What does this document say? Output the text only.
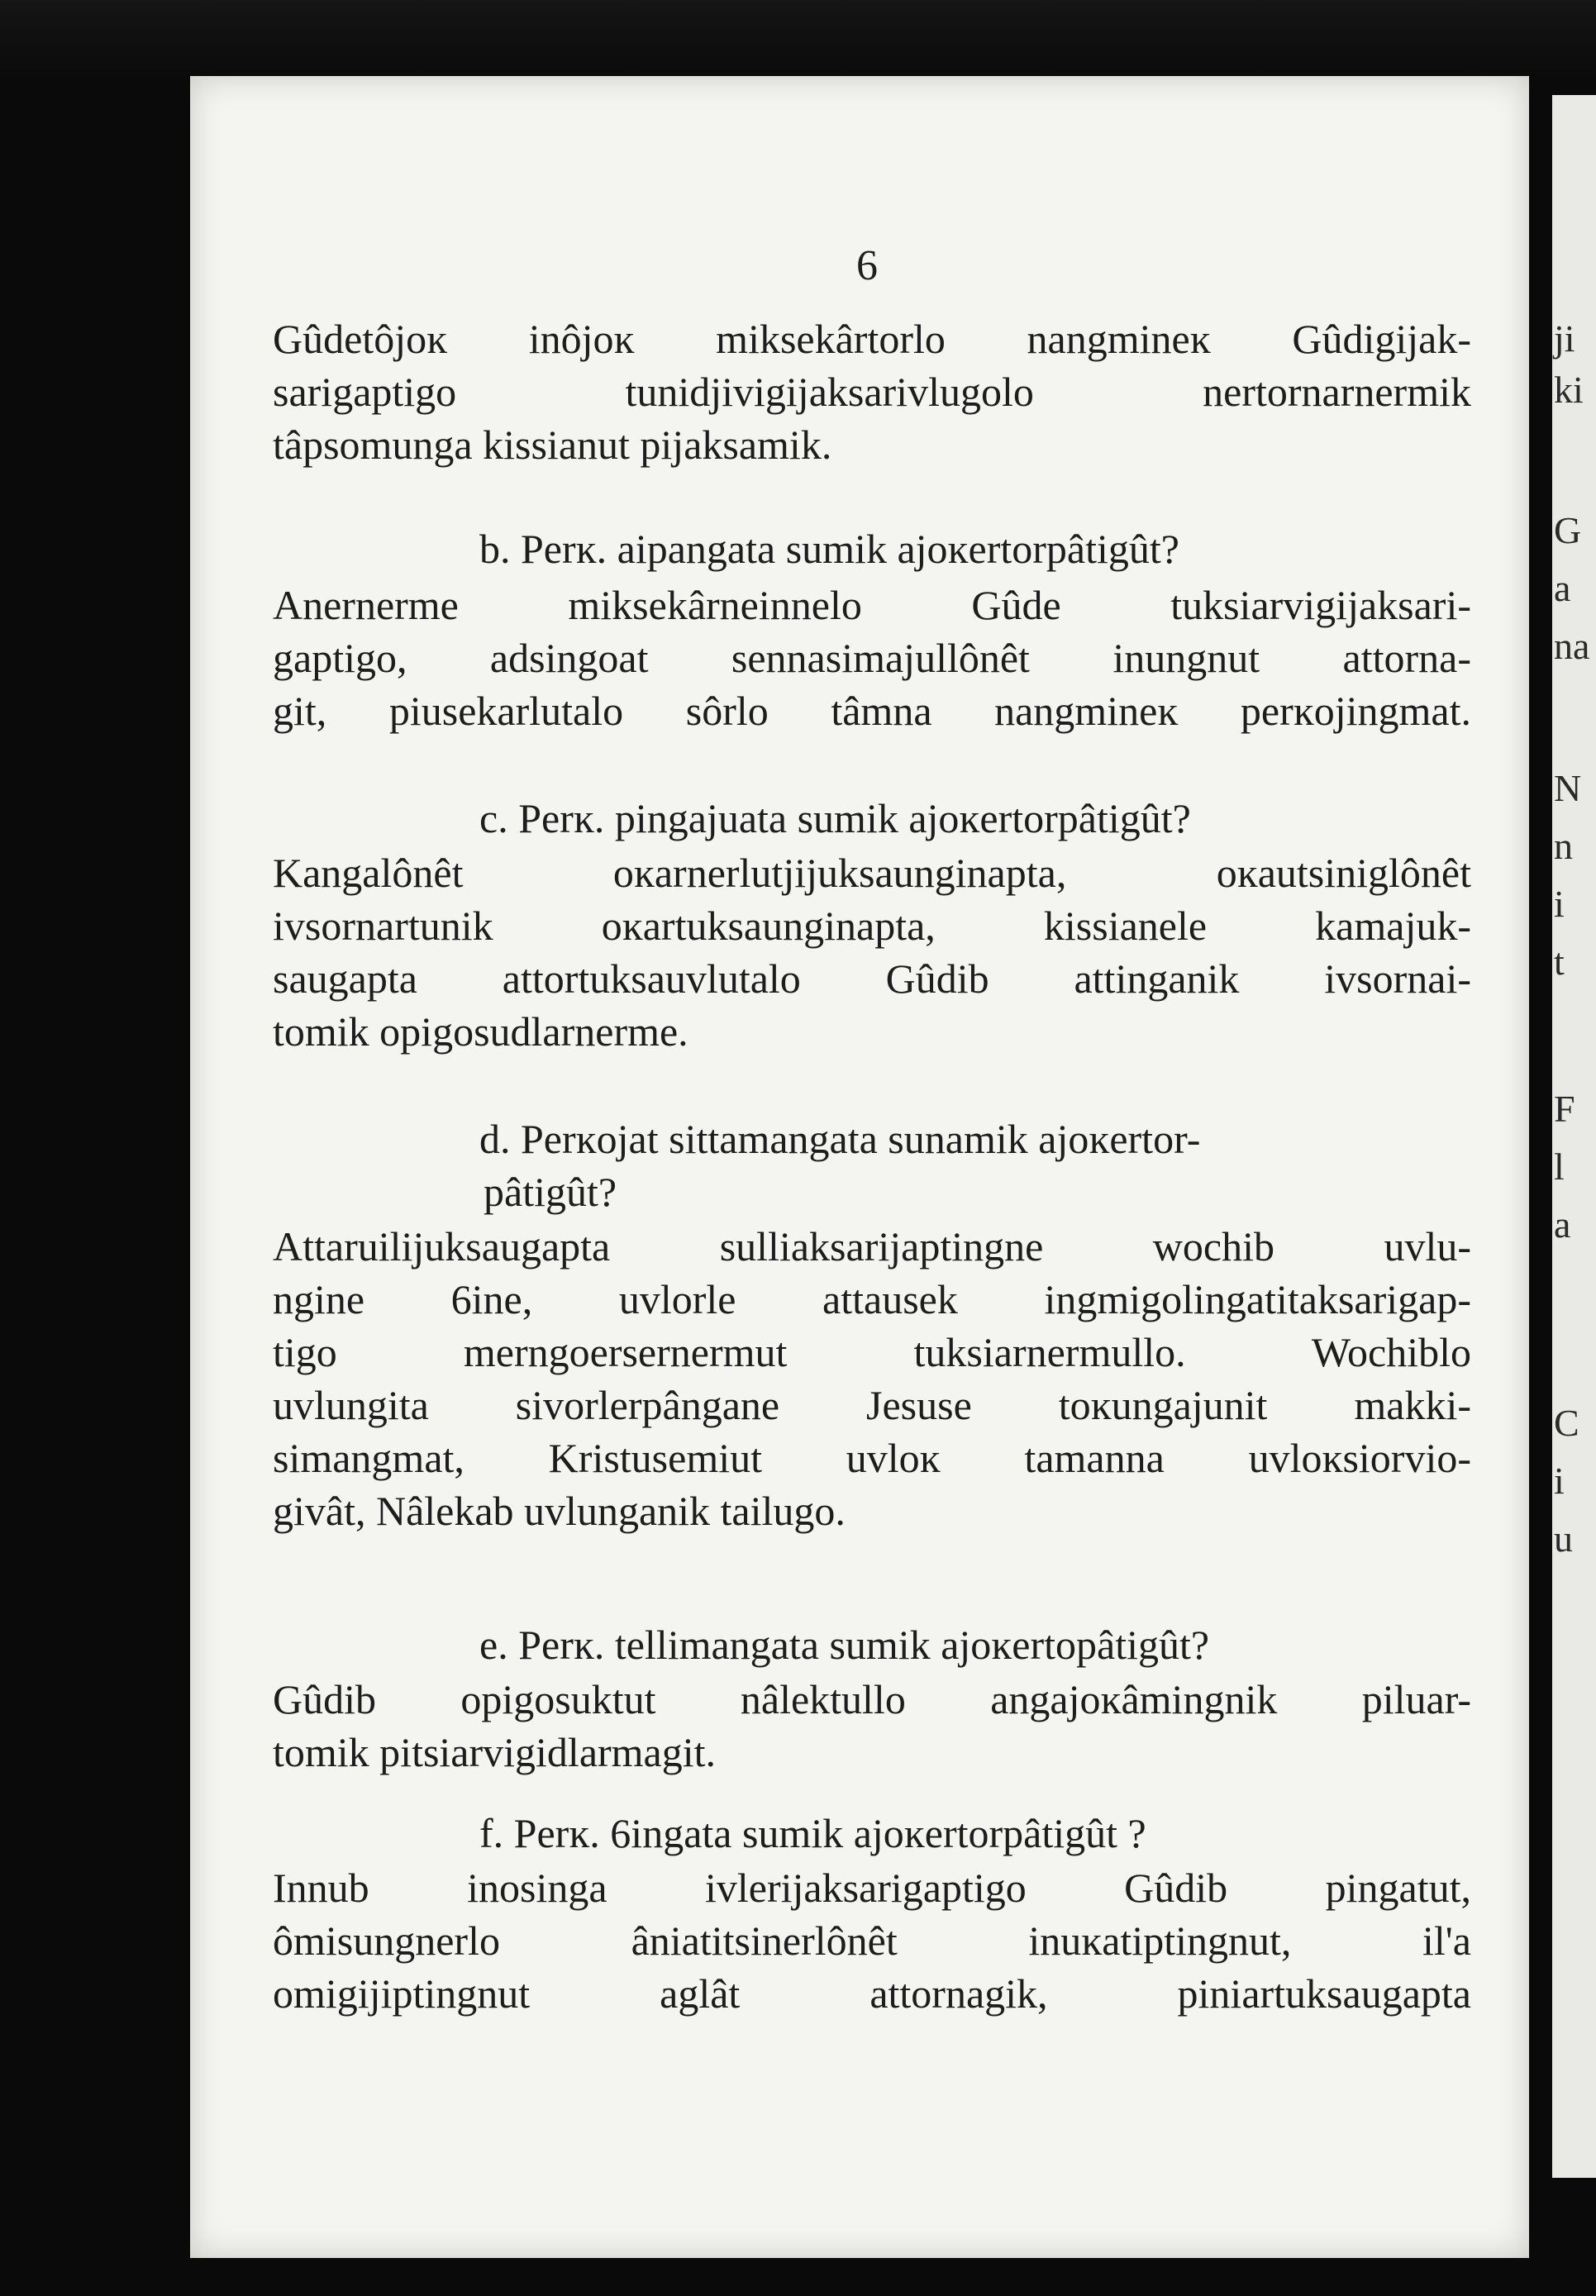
ji
ki
G
a
na
N
n
i
t
F
l
a
C
i
u
6
Gûdetôjoĸ inôjoĸ miksekârtorlo nangmineĸ Gûdigijak-
sarigaptigo tunidjivigijaksarivlugolo nertornarnermik
tâpsomunga kissianut pijaksamik.
b. Perĸ. aipangata sumik ajoĸertorpâtigût?
Anernerme miksekârneinnelo Gûde tuksiarvigijaksari-
gaptigo, adsingoat sennasimajullônêt inungnut attorna-
git, piusekarlutalo sôrlo tâmna nangmineĸ perĸojingmat.
c. Perĸ. pingajuata sumik ajoĸertorpâtigût?
Kangalônêt oĸarnerlutjijuksaunginapta, oĸautsiniglônêt
ivsornartunik oĸartuksaunginapta, kissianele kamajuk-
saugapta attortuksauvlutalo Gûdib attinganik ivsornai-
tomik opigosudlarnerme.
d. Perĸojat sittamangata sunamik ajoĸertor-
pâtigût?
Attaruilijuksaugapta sulliaksarijaptingne wochib uvlu-
ngine 6ine, uvlorle attausek ingmigolingatitaksarigap-
tigo merngoersernermut tuksiarnermullo. Wochiblo
uvlungita sivorlerpângane Jesuse toĸungajunit makki-
simangmat, Kristusemiut uvloĸ tamanna uvloĸsiorvio-
givât, Nâlekab uvlunganik tailugo.
e. Perĸ. tellimangata sumik ajoĸertopâtigût?
Gûdib opigosuktut nâlektullo angajoĸâmingnik piluar-
tomik pitsiarvigidlarmagit.
f. Perĸ. 6ingata sumik ajoĸertorpâtigût ?
Innub inosinga ivlerijaksarigaptigo Gûdib pingatut,
ômisungnerlo âniatitsinerlônêt inuĸatiptingnut, il'a
omigijiptingnut aglât attornagik, piniartuksaugapta
